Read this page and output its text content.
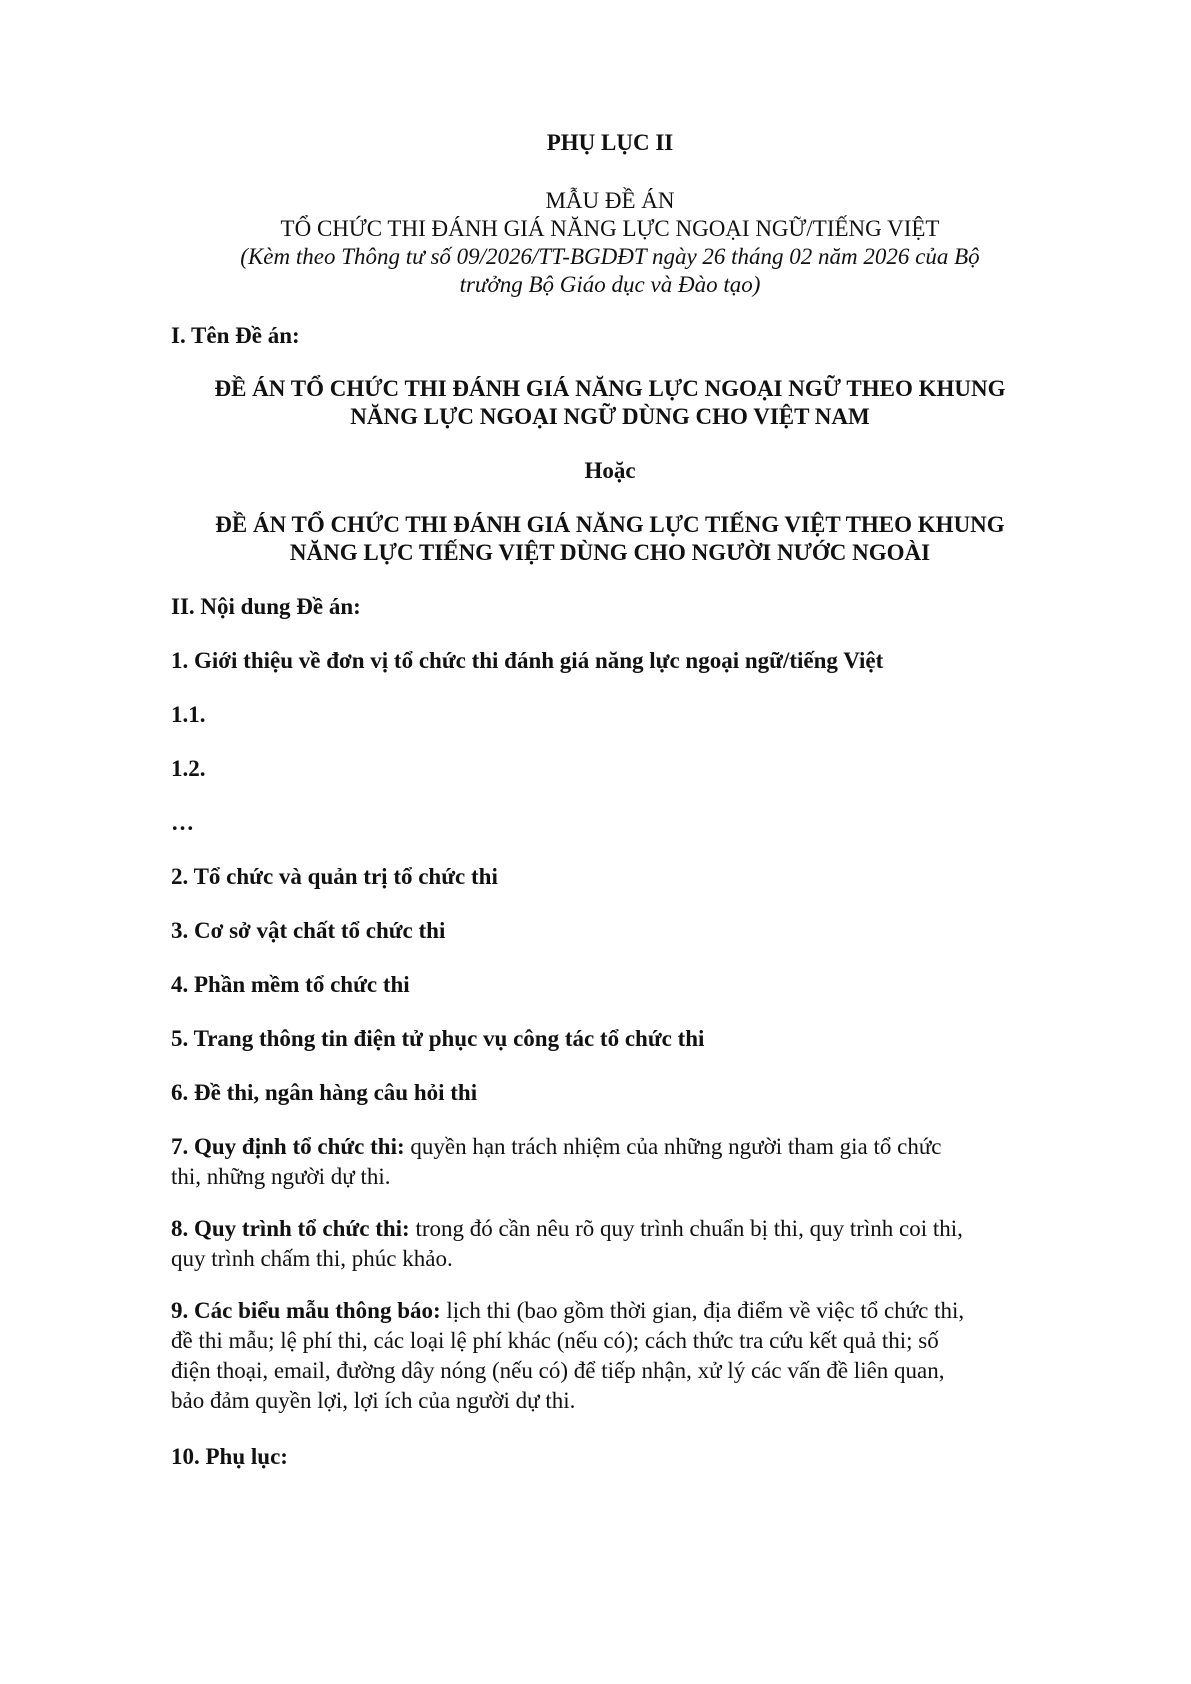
PHỤ LỤC II
MẪU ĐỀ ÁN
TỔ CHỨC THI ĐÁNH GIÁ NĂNG LỰC NGOẠI NGỮ/TIẾNG VIỆT
(Kèm theo Thông tư số 09/2026/TT-BGDĐT ngày 26 tháng 02 năm 2026 của Bộ
trưởng Bộ Giáo dục và Đào tạo)
I. Tên Đề án:
ĐỀ ÁN TỔ CHỨC THI ĐÁNH GIÁ NĂNG LỰC NGOẠI NGỮ THEO KHUNG
NĂNG LỰC NGOẠI NGỮ DÙNG CHO VIỆT NAM
Hoặc
ĐỀ ÁN TỔ CHỨC THI ĐÁNH GIÁ NĂNG LỰC TIẾNG VIỆT THEO KHUNG
NĂNG LỰC TIẾNG VIỆT DÙNG CHO NGƯỜI NƯỚC NGOÀI
II. Nội dung Đề án:
1. Giới thiệu về đơn vị tổ chức thi đánh giá năng lực ngoại ngữ/tiếng Việt
1.1.
1.2.
…
2. Tổ chức và quản trị tổ chức thi
3. Cơ sở vật chất tổ chức thi
4. Phần mềm tổ chức thi
5. Trang thông tin điện tử phục vụ công tác tổ chức thi
6. Đề thi, ngân hàng câu hỏi thi
7. Quy định tổ chức thi: quyền hạn trách nhiệm của những người tham gia tổ chức
thi, những người dự thi.
8. Quy trình tổ chức thi: trong đó cần nêu rõ quy trình chuẩn bị thi, quy trình coi thi,
quy trình chấm thi, phúc khảo.
9. Các biểu mẫu thông báo: lịch thi (bao gồm thời gian, địa điểm về việc tổ chức thi,
đề thi mẫu; lệ phí thi, các loại lệ phí khác (nếu có); cách thức tra cứu kết quả thi; số
điện thoại, email, đường dây nóng (nếu có) để tiếp nhận, xử lý các vấn đề liên quan,
bảo đảm quyền lợi, lợi ích của người dự thi.
10. Phụ lục:
